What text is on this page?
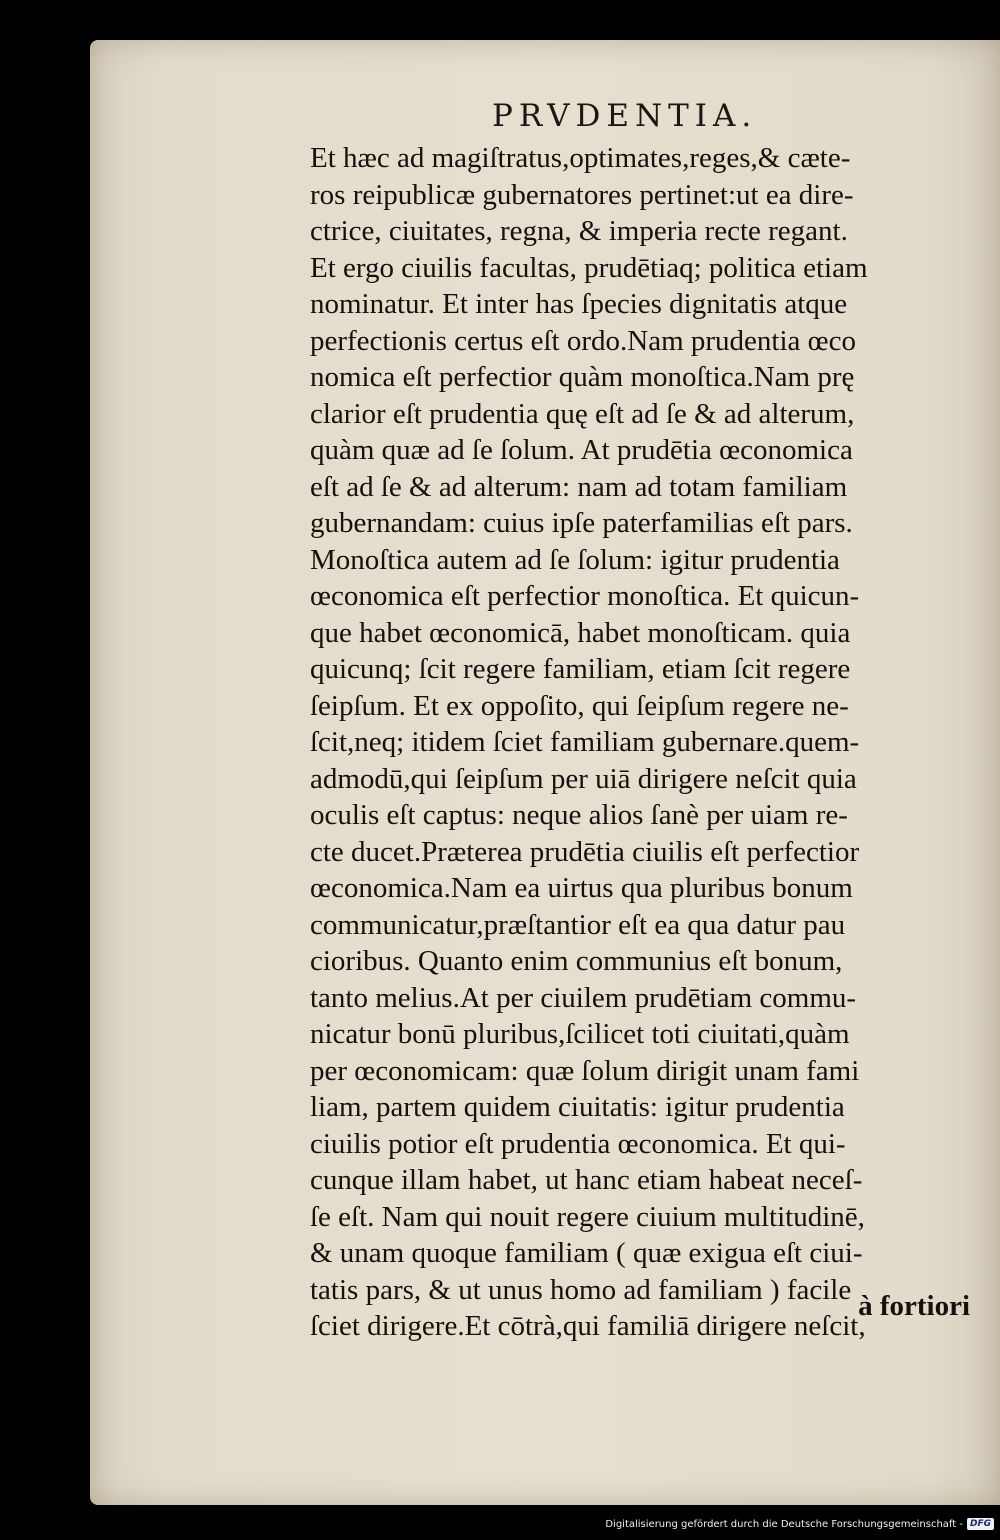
PRVDENTIA.
Et hæc ad magiſtratus,optimates,reges,& cæte-
ros reipublicæ gubernatores pertinet:ut ea dire-
ctrice, ciuitates, regna, & imperia recte regant.
Et ergo ciuilis facultas, prudētiaq; politica etiam
nominatur. Et inter has ſpecies dignitatis atque
perfectionis certus eſt ordo.Nam prudentia œco
nomica eſt perfectior quàm monoſtica.Nam prę
clarior eſt prudentia quę eſt ad ſe & ad alterum,
quàm quæ ad ſe ſolum. At prudētia œconomica
eſt ad ſe & ad alterum: nam ad totam familiam
gubernandam: cuius ipſe paterfamilias eſt pars.
Monoſtica autem ad ſe ſolum: igitur prudentia
œconomica eſt perfectior monoſtica. Et quicun-
que habet œconomicā, habet monoſticam. quia
quicunq; ſcit regere familiam, etiam ſcit regere
ſeipſum. Et ex oppoſito, qui ſeipſum regere ne-
ſcit,neq; itidem ſciet familiam gubernare.quem-
admodū,qui ſeipſum per uiā dirigere neſcit quia
oculis eſt captus: neque alios ſanè per uiam re-
cte ducet.Præterea prudētia ciuilis eſt perfectior
œconomica.Nam ea uirtus qua pluribus bonum
communicatur,præſtantior eſt ea qua datur pau
cioribus. Quanto enim communius eſt bonum,
tanto melius.At per ciuilem prudētiam commu-
nicatur bonū pluribus,ſcilicet toti ciuitati,quàm
per œconomicam: quæ ſolum dirigit unam fami
liam, partem quidem ciuitatis: igitur prudentia
ciuilis potior eſt prudentia œconomica. Et qui-
cunque illam habet, ut hanc etiam habeat neceſ-
ſe eſt. Nam qui nouit regere ciuium multitudinē,
& unam quoque familiam ( quæ exigua eſt ciui-
tatis pars, & ut unus homo ad familiam ) facile
ſciet dirigere.Et cōtrà,qui familiā dirigere neſcit,

à fortiori

Digitalisierung gefördert durch die Deutsche Forschungsgemeinschaft - DFG
